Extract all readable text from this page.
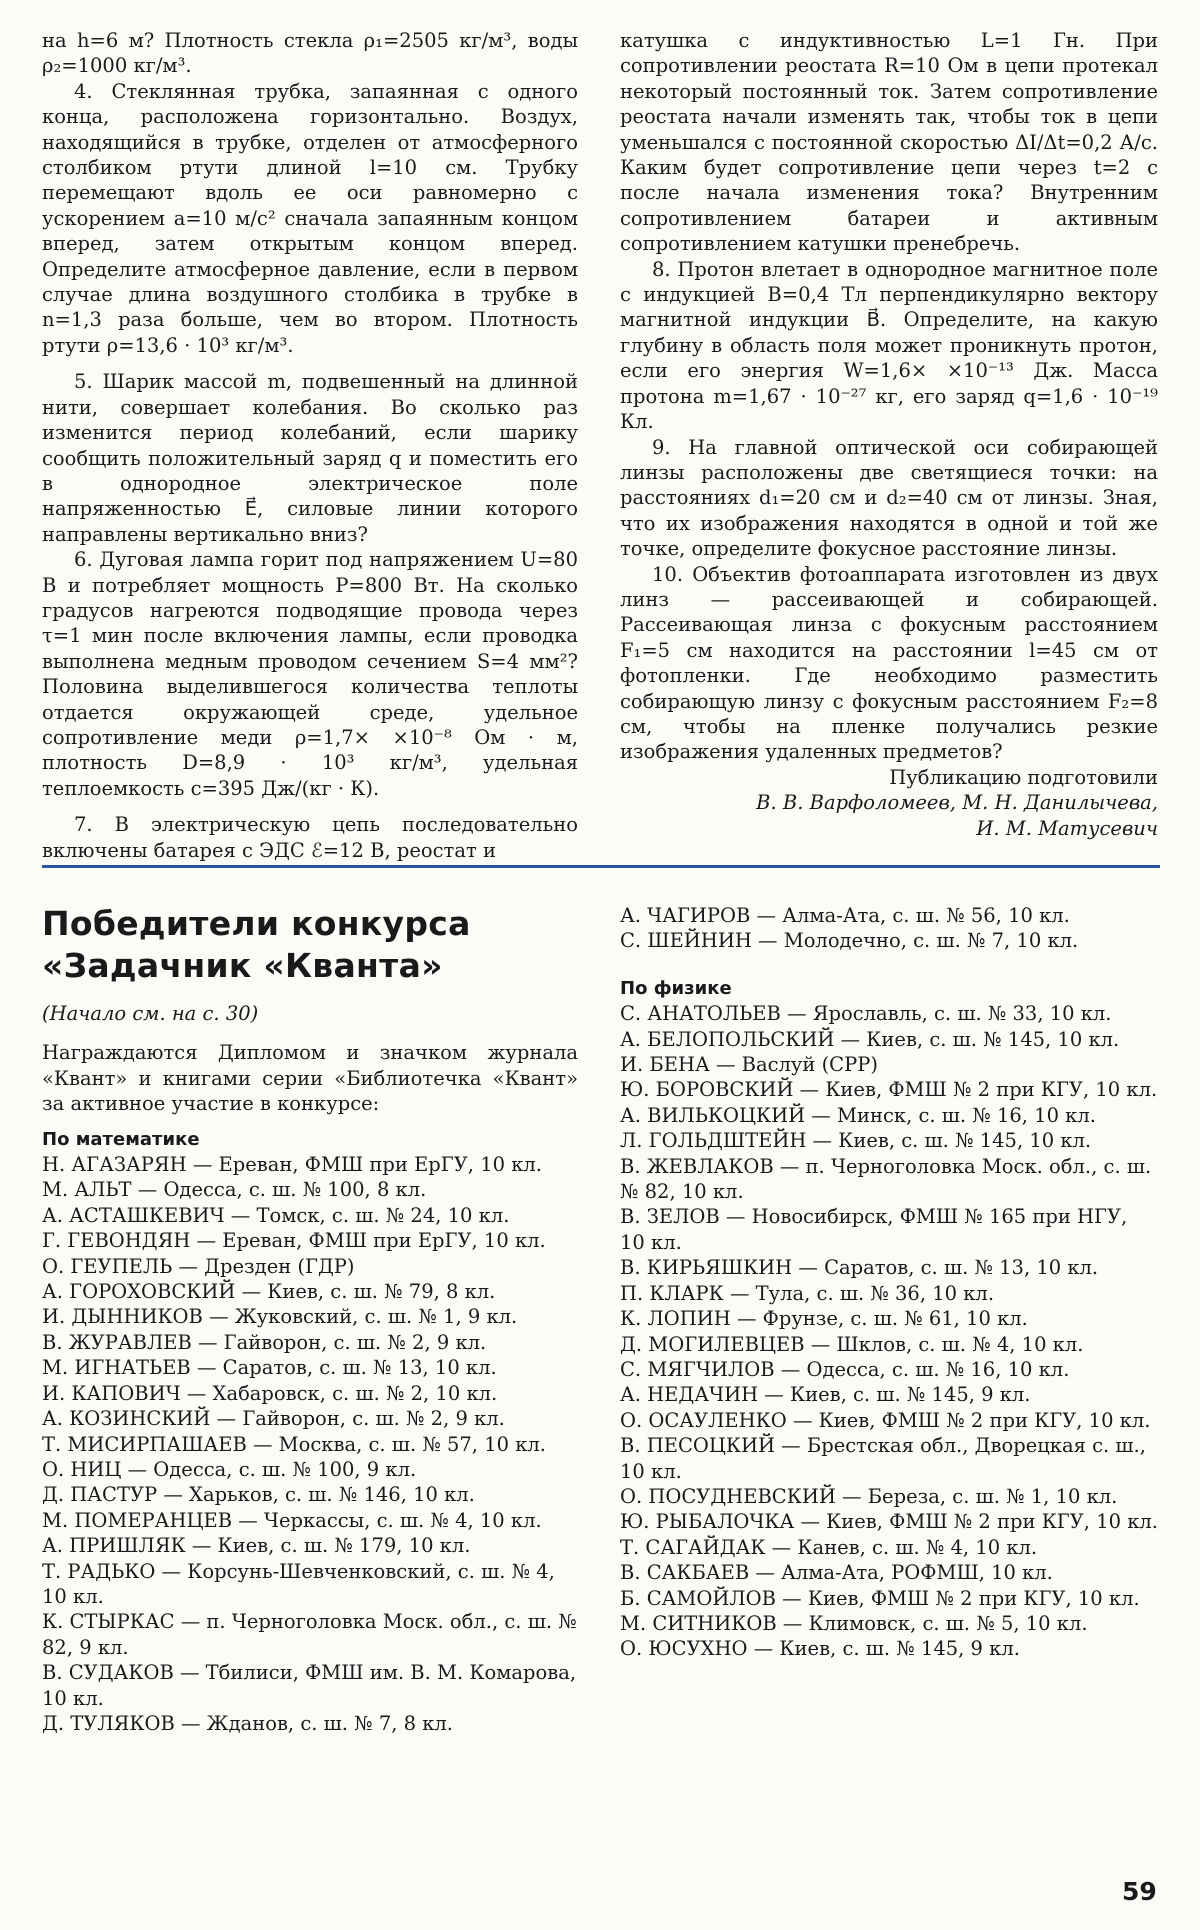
на h=6 м? Плотность стекла ρ₁=2505 кг/м³, воды ρ₂=1000 кг/м³.

4. Стеклянная трубка, запаянная с одного конца, расположена горизонтально. Воздух, находящийся в трубке, отделен от атмосферного столбиком ртути длиной l=10 см. Трубку перемещают вдоль ее оси равномерно с ускорением a=10 м/с² сначала запаянным концом вперед, затем открытым концом вперед. Определите атмосферное давление, если в первом случае длина воздушного столбика в трубке в n=1,3 раза больше, чем во втором. Плотность ртути ρ=13,6 · 10³ кг/м³.

5. Шарик массой m, подвешенный на длинной нити, совершает колебания. Во сколько раз изменится период колебаний, если шарику сообщить положительный заряд q и поместить его в однородное электрическое поле напряженностью E⃗, силовые линии которого направлены вертикально вниз?

6. Дуговая лампа горит под напряжением U=80 В и потребляет мощность P=800 Вт. На сколько градусов нагреются подводящие провода через τ=1 мин после включения лампы, если проводка выполнена медным проводом сечением S=4 мм²? Половина выделившегося количества теплоты отдается окружающей среде, удельное сопротивление меди ρ=1,7× ×10⁻⁸ Ом · м, плотность D=8,9 · 10³ кг/м³, удельная теплоемкость c=395 Дж/(кг · К).

7. В электрическую цепь последовательно включены батарея с ЭДС ℰ=12 В, реостат и

катушка с индуктивностью L=1 Гн. При сопротивлении реостата R=10 Ом в цепи протекал некоторый постоянный ток. Затем сопротивление реостата начали изменять так, чтобы ток в цепи уменьшался с постоянной скоростью ΔI/Δt=0,2 А/с. Каким будет сопротивление цепи через t=2 с после начала изменения тока? Внутренним сопротивлением батареи и активным сопротивлением катушки пренебречь.

8. Протон влетает в однородное магнитное поле с индукцией B=0,4 Тл перпендикулярно вектору магнитной индукции B⃗. Определите, на какую глубину в область поля может проникнуть протон, если его энергия W=1,6× ×10⁻¹³ Дж. Масса протона m=1,67 · 10⁻²⁷ кг, его заряд q=1,6 · 10⁻¹⁹ Кл.

9. На главной оптической оси собирающей линзы расположены две светящиеся точки: на расстояниях d₁=20 см и d₂=40 см от линзы. Зная, что их изображения находятся в одной и той же точке, определите фокусное расстояние линзы.

10. Объектив фотоаппарата изготовлен из двух линз — рассеивающей и собирающей. Рассеивающая линза с фокусным расстоянием F₁=5 см находится на расстоянии l=45 см от фотопленки. Где необходимо разместить собирающую линзу с фокусным расстоянием F₂=8 см, чтобы на пленке получались резкие изображения удаленных предметов?

Публикацию подготовили

В. В. Варфоломеев, М. Н. Данилычева,

И. М. Матусевич

Победители конкурса
«Задачник «Кванта»

(Начало см. на с. 30)

Награждаются Дипломом и значком журнала «Квант» и книгами серии «Библиотечка «Квант» за активное участие в конкурсе:

По математике

Н. АГАЗАРЯН — Ереван, ФМШ при ЕрГУ, 10 кл.

М. АЛЬТ — Одесса, с. ш. № 100, 8 кл.

А. АСТАШКЕВИЧ — Томск, с. ш. № 24, 10 кл.

Г. ГЕВОНДЯН — Ереван, ФМШ при ЕрГУ, 10 кл.

О. ГЕУПЕЛЬ — Дрезден (ГДР)

А. ГОРОХОВСКИЙ — Киев, с. ш. № 79, 8 кл.

И. ДЫННИКОВ — Жуковский, с. ш. № 1, 9 кл.

В. ЖУРАВЛЕВ — Гайворон, с. ш. № 2, 9 кл.

М. ИГНАТЬЕВ — Саратов, с. ш. № 13, 10 кл.

И. КАПОВИЧ — Хабаровск, с. ш. № 2, 10 кл.

А. КОЗИНСКИЙ — Гайворон, с. ш. № 2, 9 кл.

Т. МИСИРПАШАЕВ — Москва, с. ш. № 57, 10 кл.

О. НИЦ — Одесса, с. ш. № 100, 9 кл.

Д. ПАСТУР — Харьков, с. ш. № 146, 10 кл.

М. ПОМЕРАНЦЕВ — Черкассы, с. ш. № 4, 10 кл.

А. ПРИШЛЯК — Киев, с. ш. № 179, 10 кл.

Т. РАДЬКО — Корсунь-Шевченковский, с. ш. № 4, 10 кл.

К. СТЫРКАС — п. Черноголовка Моск. обл., с. ш. № 82, 9 кл.

В. СУДАКОВ — Тбилиси, ФМШ им. В. М. Комарова, 10 кл.

Д. ТУЛЯКОВ — Жданов, с. ш. № 7, 8 кл.

А. ЧАГИРОВ — Алма-Ата, с. ш. № 56, 10 кл.

С. ШЕЙНИН — Молодечно, с. ш. № 7, 10 кл.

По физике

С. АНАТОЛЬЕВ — Ярославль, с. ш. № 33, 10 кл.

А. БЕЛОПОЛЬСКИЙ — Киев, с. ш. № 145, 10 кл.

И. БЕНА — Васлуй (СРР)

Ю. БОРОВСКИЙ — Киев, ФМШ № 2 при КГУ, 10 кл.

А. ВИЛЬКОЦКИЙ — Минск, с. ш. № 16, 10 кл.

Л. ГОЛЬДШТЕЙН — Киев, с. ш. № 145, 10 кл.

В. ЖЕВЛАКОВ — п. Черноголовка Моск. обл., с. ш. № 82, 10 кл.

В. ЗЕЛОВ — Новосибирск, ФМШ № 165 при НГУ, 10 кл.

В. КИРЬЯШКИН — Саратов, с. ш. № 13, 10 кл.

П. КЛАРК — Тула, с. ш. № 36, 10 кл.

К. ЛОПИН — Фрунзе, с. ш. № 61, 10 кл.

Д. МОГИЛЕВЦЕВ — Шклов, с. ш. № 4, 10 кл.

С. МЯГЧИЛОВ — Одесса, с. ш. № 16, 10 кл.

А. НЕДАЧИН — Киев, с. ш. № 145, 9 кл.

О. ОСАУЛЕНКО — Киев, ФМШ № 2 при КГУ, 10 кл.

В. ПЕСОЦКИЙ — Брестская обл., Дворецкая с. ш., 10 кл.

О. ПОСУДНЕВСКИЙ — Береза, с. ш. № 1, 10 кл.

Ю. РЫБАЛОЧКА — Киев, ФМШ № 2 при КГУ, 10 кл.

Т. САГАЙДАК — Канев, с. ш. № 4, 10 кл.

В. САКБАЕВ — Алма-Ата, РОФМШ, 10 кл.

Б. САМОЙЛОВ — Киев, ФМШ № 2 при КГУ, 10 кл.

М. СИТНИКОВ — Климовск, с. ш. № 5, 10 кл.

О. ЮСУХНО — Киев, с. ш. № 145, 9 кл.

59
